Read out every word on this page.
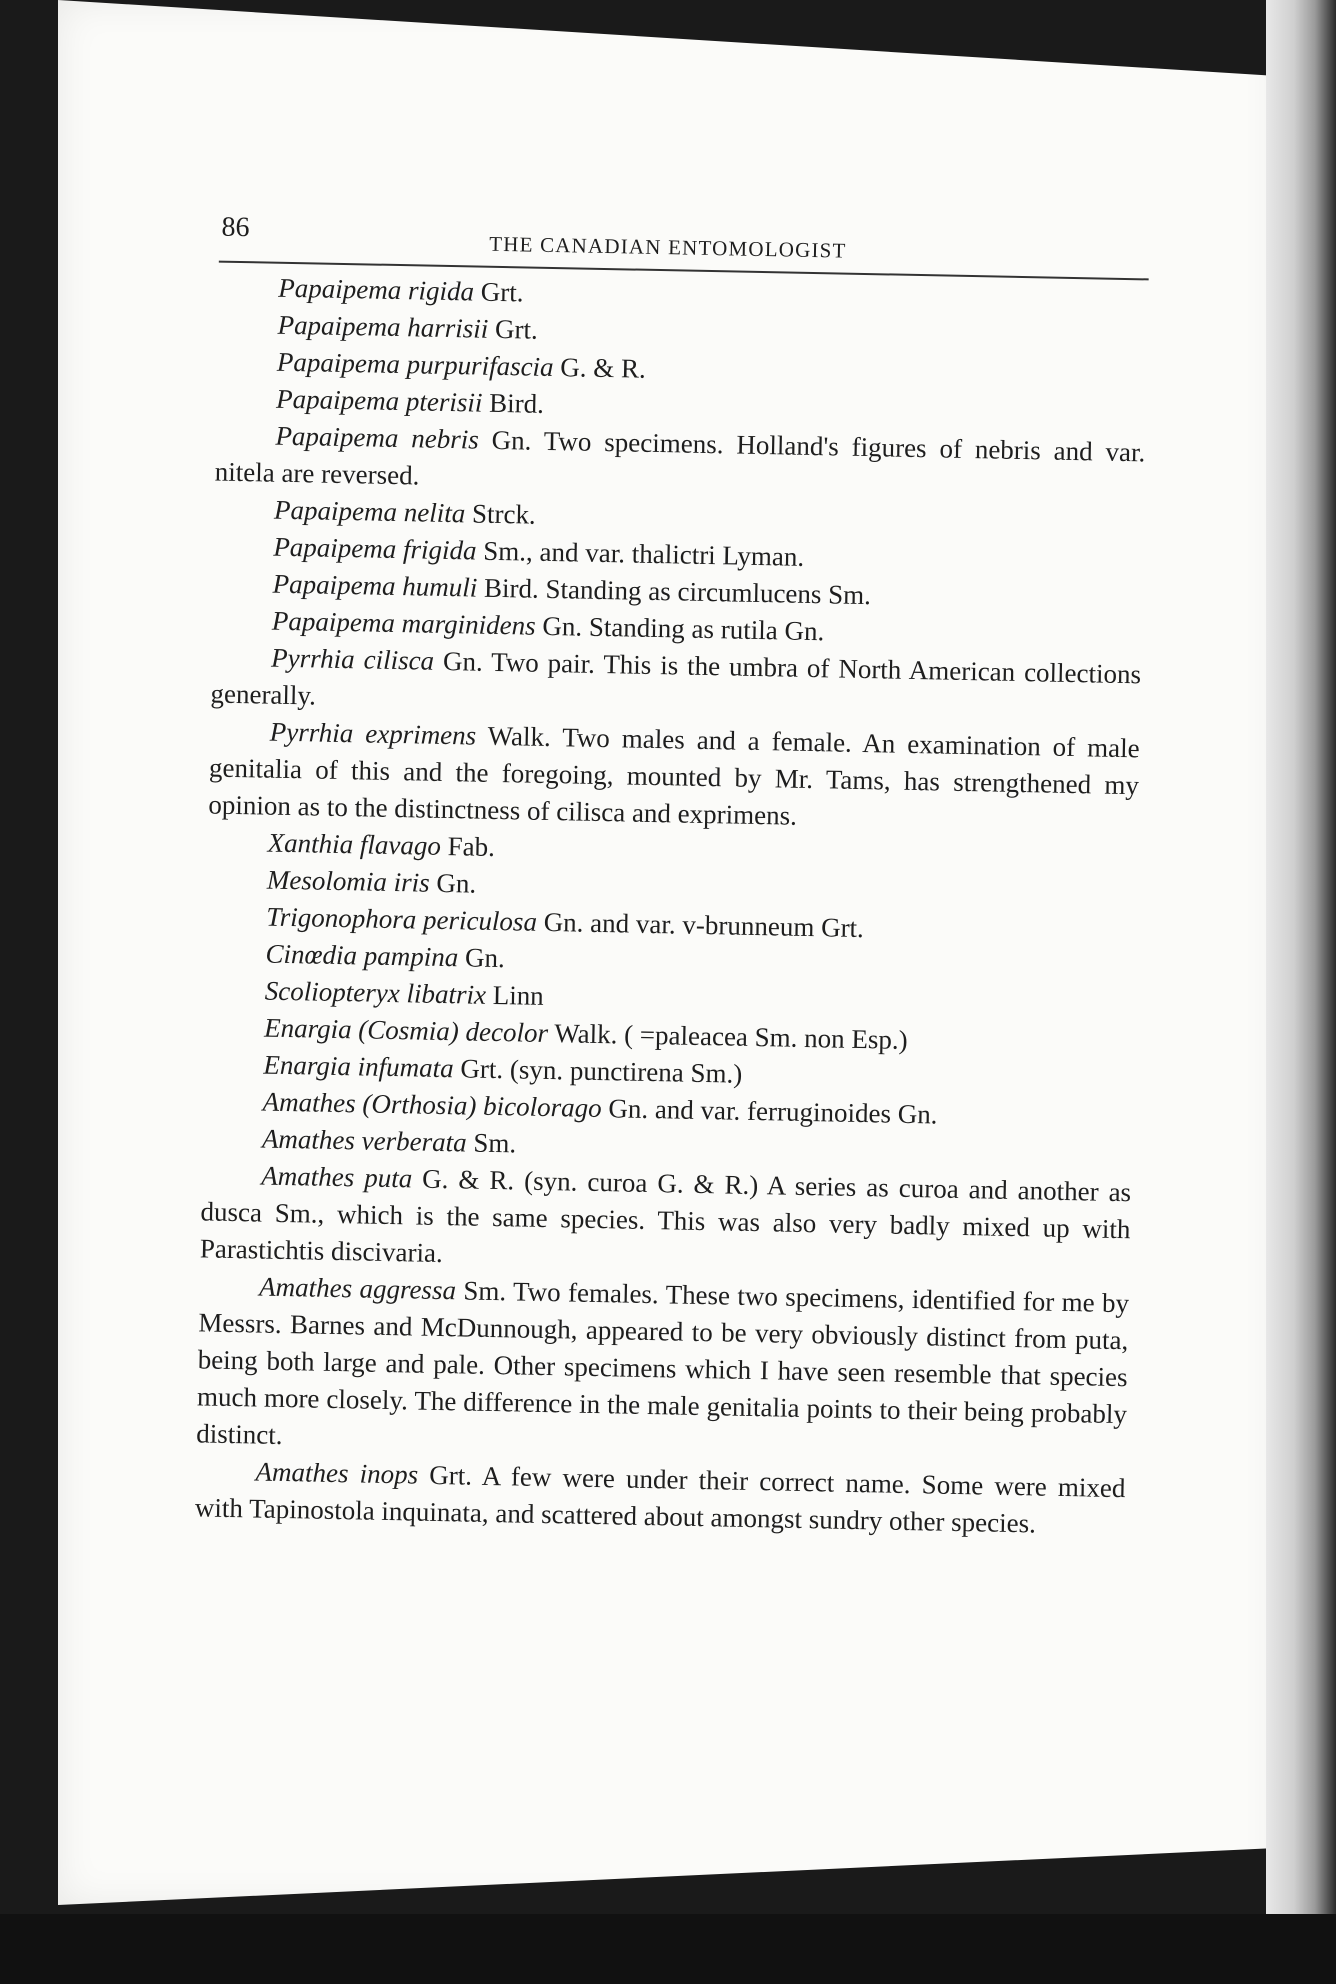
86
THE CANADIAN ENTOMOLOGIST

Papaipema rigida Grt.

Papaipema harrisii Grt.

Papaipema purpurifascia G. & R.

Papaipema pterisii Bird.

Papaipema nebris Gn. Two specimens. Holland's figures of nebris and var. nitela are reversed.

Papaipema nelita Strck.

Papaipema frigida Sm., and var. thalictri Lyman.

Papaipema humuli Bird. Standing as circumlucens Sm.

Papaipema marginidens Gn. Standing as rutila Gn.

Pyrrhia cilisca Gn. Two pair. This is the umbra of North American collections generally.

Pyrrhia exprimens Walk. Two males and a female. An examination of male genitalia of this and the foregoing, mounted by Mr. Tams, has strengthened my opinion as to the distinctness of cilisca and exprimens.

Xanthia flavago Fab.

Mesolomia iris Gn.

Trigonophora periculosa Gn. and var. v-brunneum Grt.

Cinœdia pampina Gn.

Scoliopteryx libatrix Linn

Enargia (Cosmia) decolor Walk. ( =paleacea Sm. non Esp.)

Enargia infumata Grt. (syn. punctirena Sm.)

Amathes (Orthosia) bicolorago Gn. and var. ferruginoides Gn.

Amathes verberata Sm.

Amathes puta G. & R. (syn. curoa G. & R.) A series as curoa and another as dusca Sm., which is the same species. This was also very badly mixed up with Parastichtis discivaria.

Amathes aggressa Sm. Two females. These two specimens, identified for me by Messrs. Barnes and McDunnough, appeared to be very obviously distinct from puta, being both large and pale. Other specimens which I have seen resemble that species much more closely. The difference in the male genitalia points to their being probably distinct.

Amathes inops Grt. A few were under their correct name. Some were mixed with Tapinostola inquinata, and scattered about amongst sundry other species.
